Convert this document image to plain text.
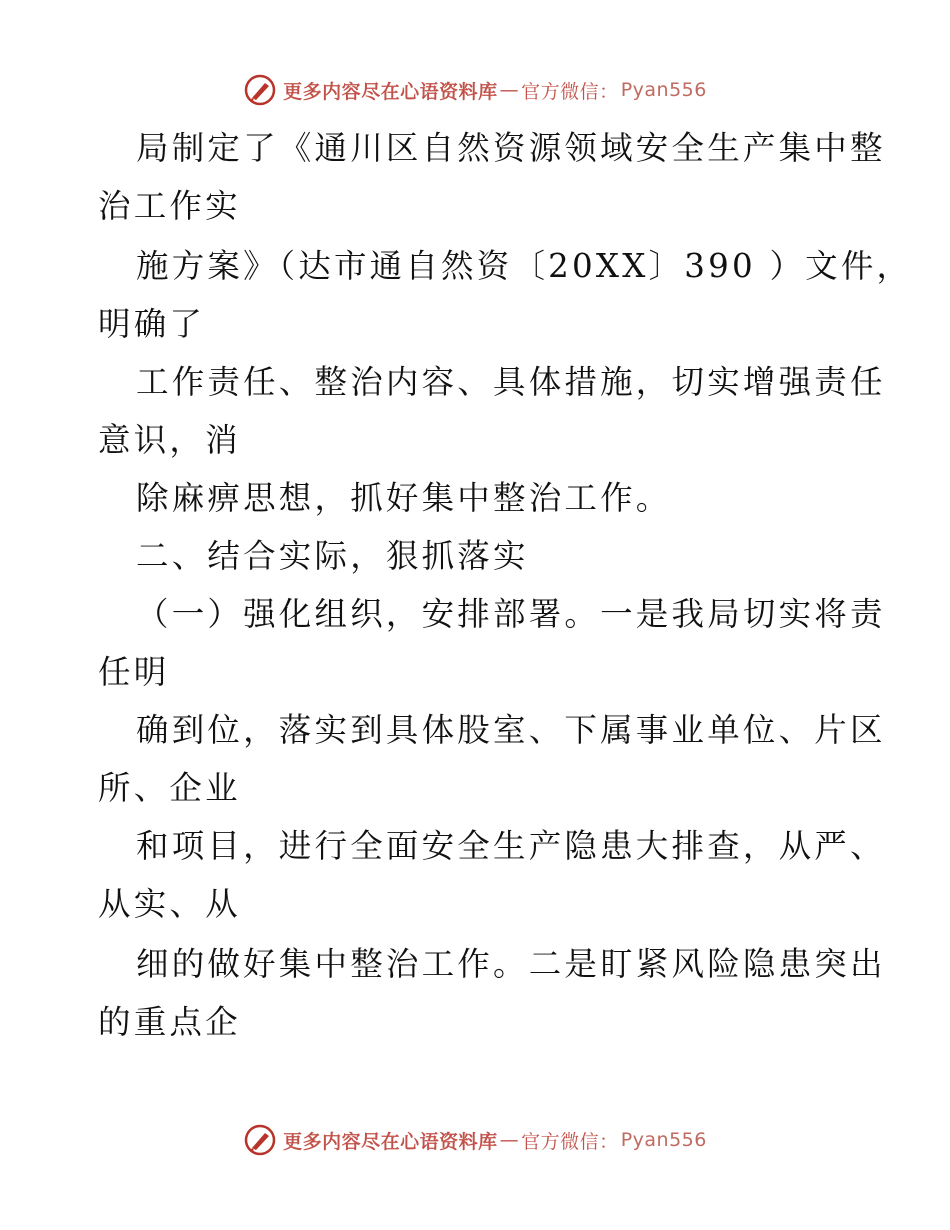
更多内容尽在心语资料库 — 官方微信： Pyan556
局制定了《通川区自然资源领域安全生产集中整
治工作实
施方案》（达市通自然资〔20XX〕390 ）文件，
明确了
工作责任、整治内容、具体措施，切实增强责任
意识，消
除麻痹思想，抓好集中整治工作。
二、结合实际，狠抓落实
（一）强化组织，安排部署。一是我局切实将责
任明
确到位，落实到具体股室、下属事业单位、片区
所、企业
和项目，进行全面安全生产隐患大排查，从严、
从实、从
细的做好集中整治工作。二是盯紧风险隐患突出
的重点企
更多内容尽在心语资料库 — 官方微信： Pyan556
